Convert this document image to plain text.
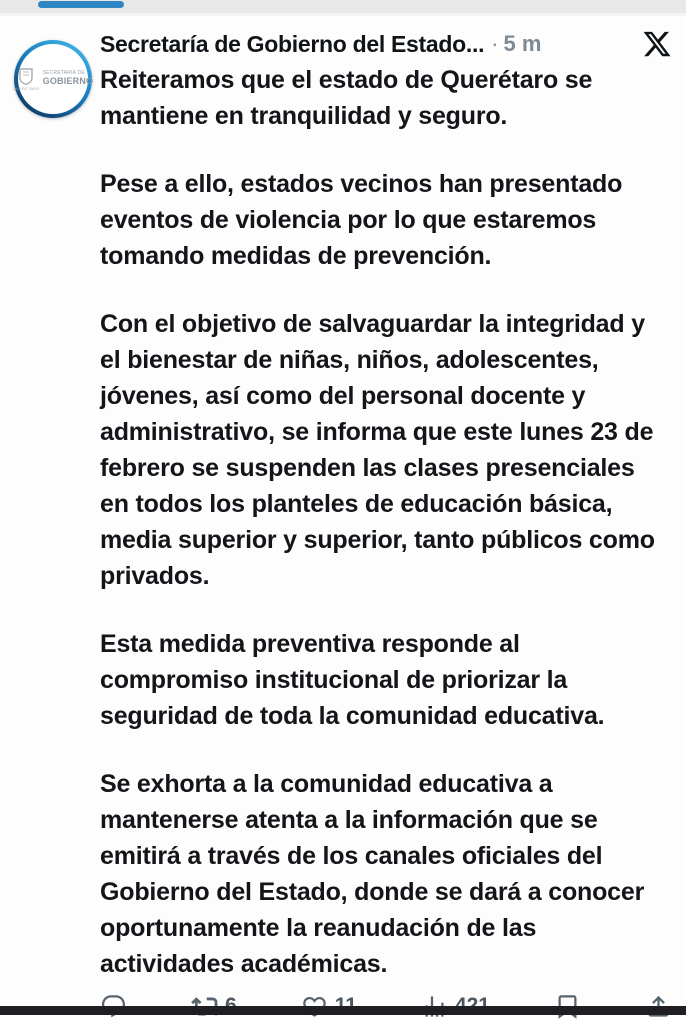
QUERÉTARO
SECRETARÍA DE
GOBIERNO
Secretaría de Gobierno del Estado... · 5 m

Reiteramos que el estado de Querétaro se mantiene en tranquilidad y seguro.

Pese a ello, estados vecinos han presentado eventos de violencia por lo que estaremos tomando medidas de prevención.

Con el objetivo de salvaguardar la integridad y el bienestar de niñas, niños, adolescentes, jóvenes, así como del personal docente y administrativo, se informa que este lunes 23 de febrero se suspenden las clases presenciales en todos los planteles de educación básica, media superior y superior, tanto públicos como privados.

Esta medida preventiva responde al compromiso institucional de priorizar la seguridad de toda la comunidad educativa.

Se exhorta a la comunidad educativa a mantenerse atenta a la información que se emitirá a través de los canales oficiales del Gobierno del Estado, donde se dará a conocer oportunamente la reanudación de las actividades académicas.
